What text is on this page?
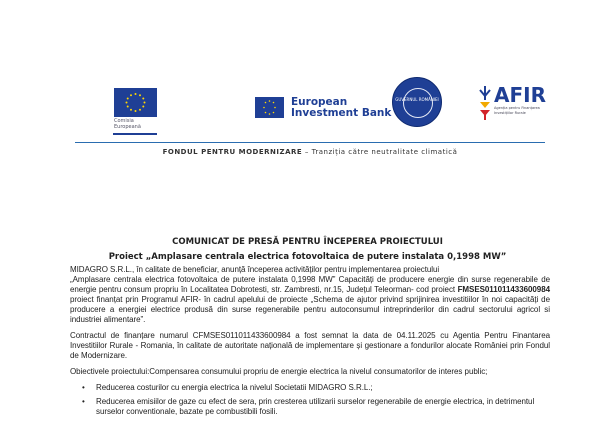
Comisia Europeană
European
Investment Bank
GUVERNUL ROMÂNIEI	AFIR
Agenția pentru Finanțarea Investițiilor Rurale
FONDUL PENTRU MODERNIZARE – Tranziția către neutralitate climatică
COMUNICAT DE PRESĂ PENTRU ÎNCEPEREA PROIECTULUI
Proiect „Amplasare centrala electrica fotovoltaica de putere instalata 0,1998 MW”

MIDAGRO S.R.L., în calitate de beneficiar, anunță începerea activităților pentru implementarea proiectului
„Amplasare centrala electrica fotovoltaica de putere instalata 0,1998 MW” Capacități de producere energie din surse regenerabile de energie pentru consum propriu în Localitatea Dobrotesti, str. Zambresti, nr.15, Județul Teleorman- cod proiect FMSES011011433600984 proiect finanțat prin Programul AFIR- în cadrul apelului de proiecte „Schema de ajutor privind sprijinirea investitiilor în noi capacități de producere a energiei electrice produsă din surse regenerabile pentru autoconsumul intreprinderilor din cadrul sectorului agricol si industriei alimentare”.

Contractul de finanțare numarul CFMSES011011433600984 a fost semnat la data de 04.11.2025 cu Agentia Pentru Finantarea Investitiilor Rurale - Romania, în calitate de autoritate națională de implementare și gestionare a fondurilor alocate României prin Fondul de Modernizare.

Obiectivele proiectului:Compensarea consumului propriu de energie electrica la nivelul consumatorilor de interes public;

• Reducerea costurilor cu energia electrica la nivelul Societatii MIDAGRO S.R.L.;

• Reducerea emisiilor de gaze cu efect de sera, prin cresterea utilizarii surselor regenerabile de energie electrica, in detrimentul surselor conventionale, bazate pe combustibili fosili.
